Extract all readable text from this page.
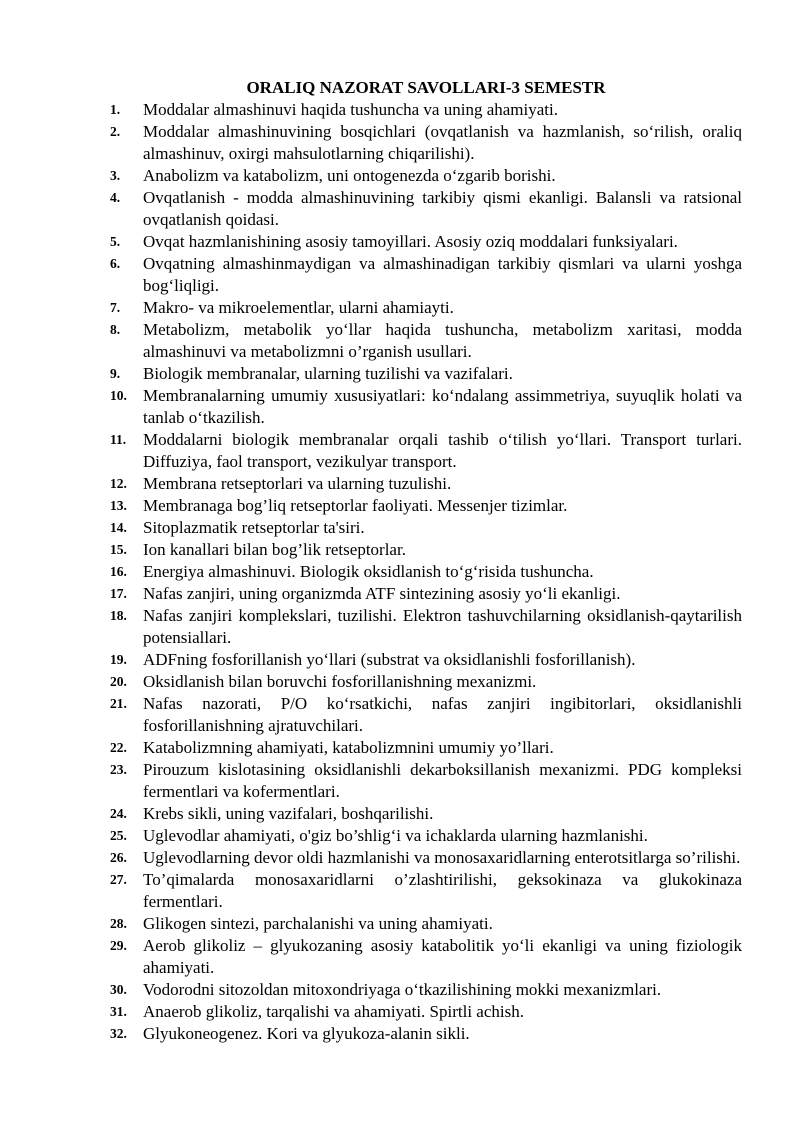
ORALIQ NAZORAT SAVOLLARI-3 SEMESTR
1.	Moddalar almashinuvi haqida tushuncha va uning ahamiyati.
2.	Moddalar almashinuvining bosqichlari (ovqatlanish va hazmlanish, so‘rilish, oraliq almashinuv, oxirgi mahsulotlarning chiqarilishi).
3.	Anabolizm va katabolizm, uni ontogenezda o‘zgarib borishi.
4.	Ovqatlanish - modda almashinuvining tarkibiy qismi ekanligi. Balansli va ratsional ovqatlanish qoidasi.
5.	Ovqat hazmlanishining asosiy tamoyillari. Asosiy oziq moddalari funksiyalari.
6.	Ovqatning almashinmaydigan va almashinadigan tarkibiy qismlari va ularni yoshga bog‘liqligi.
7.	Makro- va mikroelementlar, ularni ahamiayti.
8.	Metabolizm, metabolik yo‘llar haqida tushuncha, metabolizm xaritasi, modda almashinuvi va metabolizmni o’rganish usullari.
9.	Biologik membranalar, ularning tuzilishi va vazifalari.
10. Membranalarning umumiy xususiyatlari: ko‘ndalang assimmetriya, suyuqlik holati va tanlab o‘tkazilish.
11. Moddalarni biologik membranalar orqali tashib o‘tilish yo‘llari. Transport turlari. Diffuziya, faol transport, vezikulyar transport.
12. Membrana retseptorlari va ularning tuzulishi.
13. Membranaga bog’liq retseptorlar faoliyati. Messenjer tizimlar.
14. Sitoplazmatik retseptorlar ta'siri.
15. Ion kanallari bilan bog’lik retseptorlar.
16. Energiya almashinuvi. Biologik oksidlanish to‘g‘risida tushuncha.
17. Nafas zanjiri, uning organizmda ATF sintezining asosiy yo‘li ekanligi.
18. Nafas zanjiri komplekslari, tuzilishi. Elektron tashuvchilarning oksidlanish-qaytarilish potensiallari.
19. ADFning fosforillanish yo‘llari (substrat va oksidlanishli fosforillanish).
20. Oksidlanish bilan boruvchi fosforillanishning mexanizmi.
21. Nafas nazorati, P/O ko‘rsatkichi, nafas zanjiri ingibitorlari, oksidlanishli fosforillanishning ajratuvchilari.
22. Katabolizmning ahamiyati, katabolizmnini umumiy yo’llari.
23. Pirouzum kislotasining oksidlanishli dekarboksillanish mexanizmi. PDG kompleksi fermentlari va kofermentlari.
24. Krebs sikli, uning vazifalari, boshqarilishi.
25. Uglevodlar ahamiyati, o'giz bo’shlig‘i va ichaklarda ularning hazmlanishi.
26. Uglevodlarning devor oldi hazmlanishi va monosaxaridlarning enterotsitlarga so’rilishi.
27. To’qimalarda monosaxaridlarni o’zlashtirilishi, geksokinaza va glukokinaza fermentlari.
28. Glikogen sintezi, parchalanishi va uning ahamiyati.
29. Aerob glikoliz – glyukozaning asosiy katabolitik yo‘li ekanligi va uning fiziologik ahamiyati.
30. Vodorodni sitozoldan mitoxondriyaga o‘tkazilishining mokki mexanizmlari.
31. Anaerob glikoliz, tarqalishi va ahamiyati. Spirtli achish.
32. Glyukoneogenez. Kori va glyukoza-alanin sikli.
